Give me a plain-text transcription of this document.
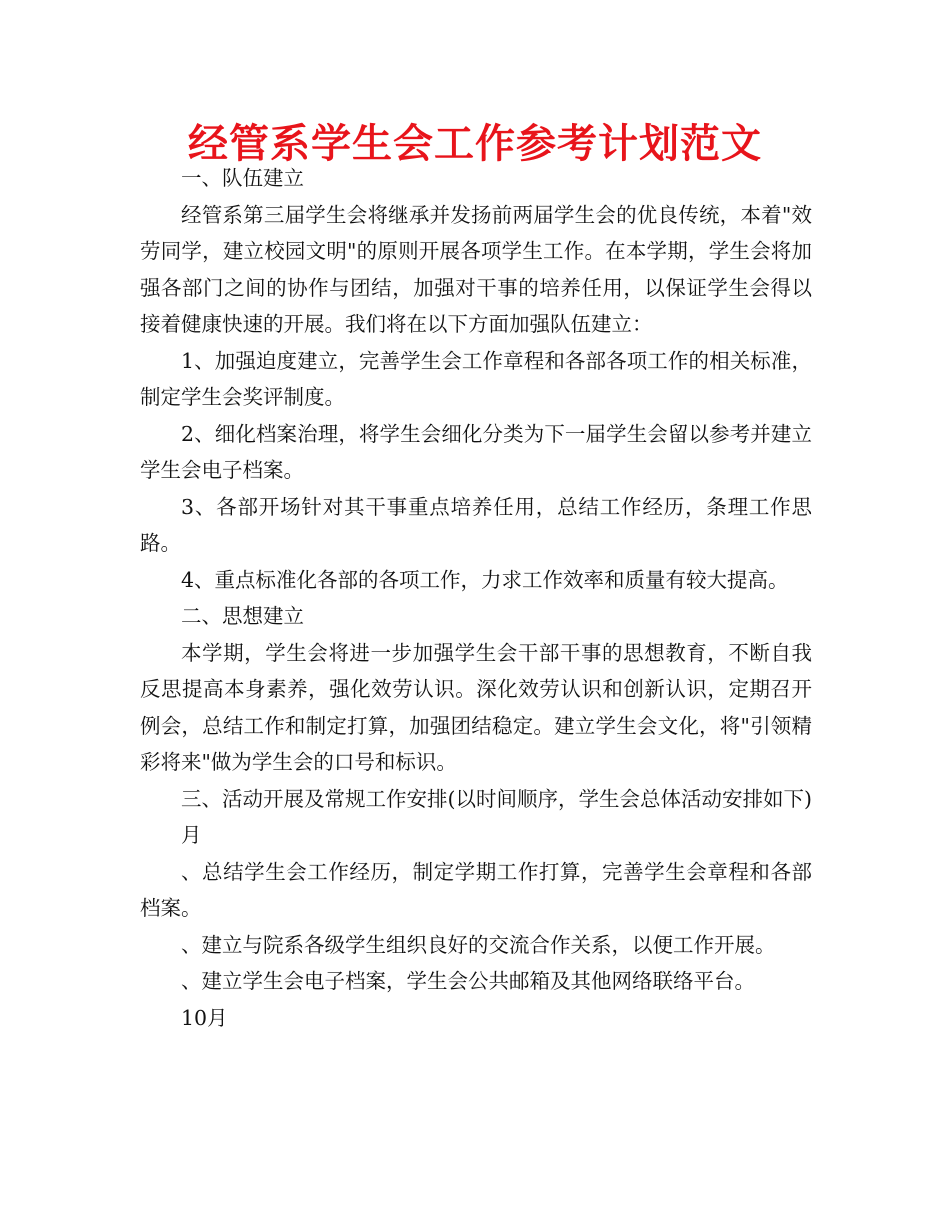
经管系学生会工作参考计划范文

一、队伍建立

经管系第三届学生会将继承并发扬前两届学生会的优良传统，本着"效劳同学，建立校园文明"的原则开展各项学生工作。在本学期，学生会将加强各部门之间的协作与团结，加强对干事的培养任用，以保证学生会得以接着健康快速的开展。我们将在以下方面加强队伍建立：

1、加强迫度建立，完善学生会工作章程和各部各项工作的相关标准，制定学生会奖评制度。

2、细化档案治理，将学生会细化分类为下一届学生会留以参考并建立学生会电子档案。

3、各部开场针对其干事重点培养任用，总结工作经历，条理工作思路。

4、重点标准化各部的各项工作，力求工作效率和质量有较大提高。

二、思想建立

本学期，学生会将进一步加强学生会干部干事的思想教育，不断自我反思提高本身素养，强化效劳认识。深化效劳认识和创新认识，定期召开例会，总结工作和制定打算，加强团结稳定。建立学生会文化，将"引领精彩将来"做为学生会的口号和标识。

三、活动开展及常规工作安排(以时间顺序，学生会总体活动安排如下)

月

、总结学生会工作经历，制定学期工作打算，完善学生会章程和各部档案。

、建立与院系各级学生组织良好的交流合作关系，以便工作开展。

、建立学生会电子档案，学生会公共邮箱及其他网络联络平台。

10月
